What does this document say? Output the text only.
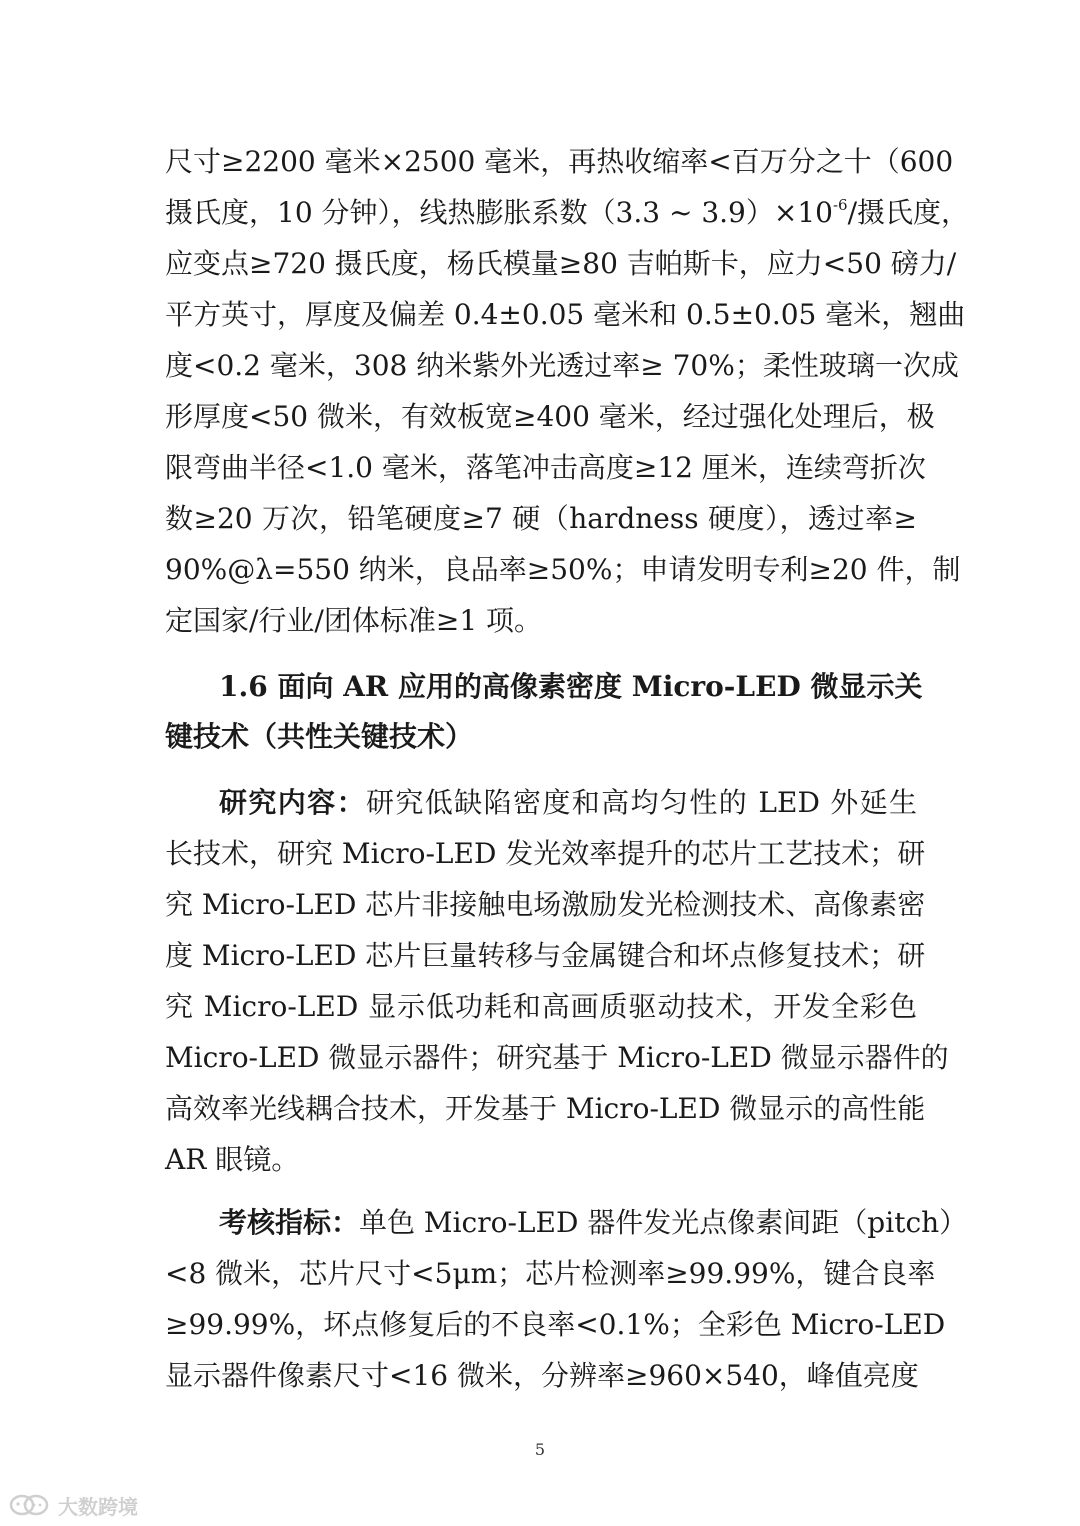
尺寸≥2200 毫米×2500 毫米，再热收缩率<百万分之十（600
摄氏度，10 分钟），线热膨胀系数（3.3 ~ $3.9)\times 10^{-6}/$摄氏度，
应变点≥720 摄氏度，杨氏模量≥80 吉帕斯卡，应力<50 磅力/
平方英寸，厚度及偏差 0.4±0.05 毫米和 0.5±0.05 毫米，翘曲
度<0.2 毫米，308 纳米紫外光透过率≥ 70%；柔性玻璃一次成
形厚度<50 微米，有效板宽≥400 毫米，经过强化处理后，极
限弯曲半径<1.0 毫米，落笔冲击高度≥12 厘米，连续弯折次
数≥20 万次，铅笔硬度≥7 硬（hardness 硬度），透过率≥
90%@λ=550 纳米，良品率≥50%；申请发明专利≥20 件，制
定国家/行业/团体标准≥1 项。
1.6 面向 AR 应用的高像素密度 Micro-LED 微显示关
键技术（共性关键技术）
研究内容：研究低缺陷密度和高均匀性的 LED 外延生
长技术，研究 Micro-LED 发光效率提升的芯片工艺技术；研
究 Micro-LED 芯片非接触电场激励发光检测技术、高像素密
度 Micro-LED 芯片巨量转移与金属键合和坏点修复技术；研
究 Micro-LED 显示低功耗和高画质驱动技术，开发全彩色
Micro-LED 微显示器件；研究基于 Micro-LED 微显示器件的
高效率光线耦合技术，开发基于 Micro-LED 微显示的高性能
AR 眼镜。
考核指标：单色 Micro-LED 器件发光点像素间距（pitch）
<8 微米，芯片尺寸<5μm；芯片检测率≥99.99%，键合良率
≥99.99%，坏点修复后的不良率<0.1%；全彩色 Micro-LED
显示器件像素尺寸<16 微米，分辨率≥960×540，峰值亮度
5
大数跨境
